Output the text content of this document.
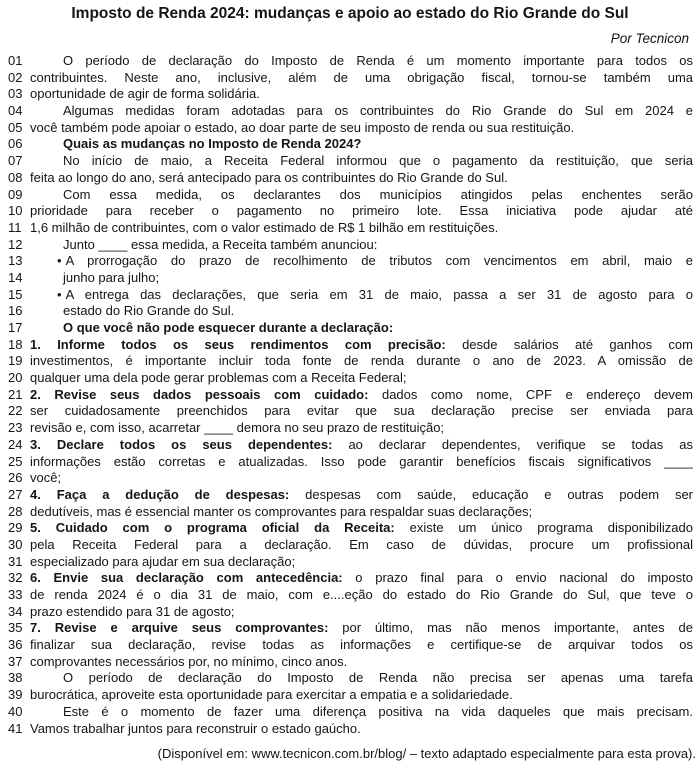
Imposto de Renda 2024: mudanças e apoio ao estado do Rio Grande do Sul
Por Tecnicon
01	O período de declaração do Imposto de Renda é um momento importante para todos os
02 contribuintes. Neste ano, inclusive, além de uma obrigação fiscal, tornou-se também uma
03 oportunidade de agir de forma solidária.
04	Algumas medidas foram adotadas para os contribuintes do Rio Grande do Sul em 2024 e
05 você também pode apoiar o estado, ao doar parte de seu imposto de renda ou sua restituição.
06	Quais as mudanças no Imposto de Renda 2024?
07	No início de maio, a Receita Federal informou que o pagamento da restituição, que seria
08 feita ao longo do ano, será antecipado para os contribuintes do Rio Grande do Sul.
09	Com essa medida, os declarantes dos municípios atingidos pelas enchentes serão
10 prioridade para receber o pagamento no primeiro lote. Essa iniciativa pode ajudar até
11 1,6 milhão de contribuintes, com o valor estimado de R$ 1 bilhão em restituições.
12	Junto ____ essa medida, a Receita também anunciou:
13	• A prorrogação do prazo de recolhimento de tributos com vencimentos em abril, maio e
14	junho para julho;
15	• A entrega das declarações, que seria em 31 de maio, passa a ser 31 de agosto para o
16	estado do Rio Grande do Sul.
17	O que você não pode esquecer durante a declaração:
18 1. Informe todos os seus rendimentos com precisão: desde salários até ganhos com
19 investimentos, é importante incluir toda fonte de renda durante o ano de 2023. A omissão de
20 qualquer uma dela pode gerar problemas com a Receita Federal;
21 2. Revise seus dados pessoais com cuidado: dados como nome, CPF e endereço devem
22 ser cuidadosamente preenchidos para evitar que sua declaração precise ser enviada para
23 revisão e, com isso, acarretar ____ demora no seu prazo de restituição;
24 3. Declare todos os seus dependentes: ao declarar dependentes, verifique se todas as
25 informações estão corretas e atualizadas. Isso pode garantir benefícios fiscais significativos ____
26 você;
27 4. Faça a dedução de despesas: despesas com saúde, educação e outras podem ser
28 dedutíveis, mas é essencial manter os comprovantes para respaldar suas declarações;
29 5. Cuidado com o programa oficial da Receita: existe um único programa disponibilizado
30 pela Receita Federal para a declaração. Em caso de dúvidas, procure um profissional
31 especializado para ajudar em sua declaração;
32 6. Envie sua declaração com antecedência: o prazo final para o envio nacional do imposto
33 de renda 2024 é o dia 31 de maio, com e....eção do estado do Rio Grande do Sul, que teve o
34 prazo estendido para 31 de agosto;
35 7. Revise e arquive seus comprovantes: por último, mas não menos importante, antes de
36 finalizar sua declaração, revise todas as informações e certifique-se de arquivar todos os
37 comprovantes necessários por, no mínimo, cinco anos.
38	O período de declaração do Imposto de Renda não precisa ser apenas uma tarefa
39 burocrática, aproveite esta oportunidade para exercitar a empatia e a solidariedade.
40	Este é o momento de fazer uma diferença positiva na vida daqueles que mais precisam.
41 Vamos trabalhar juntos para reconstruir o estado gaúcho.
(Disponível em: www.tecnicon.com.br/blog/ – texto adaptado especialmente para esta prova).
